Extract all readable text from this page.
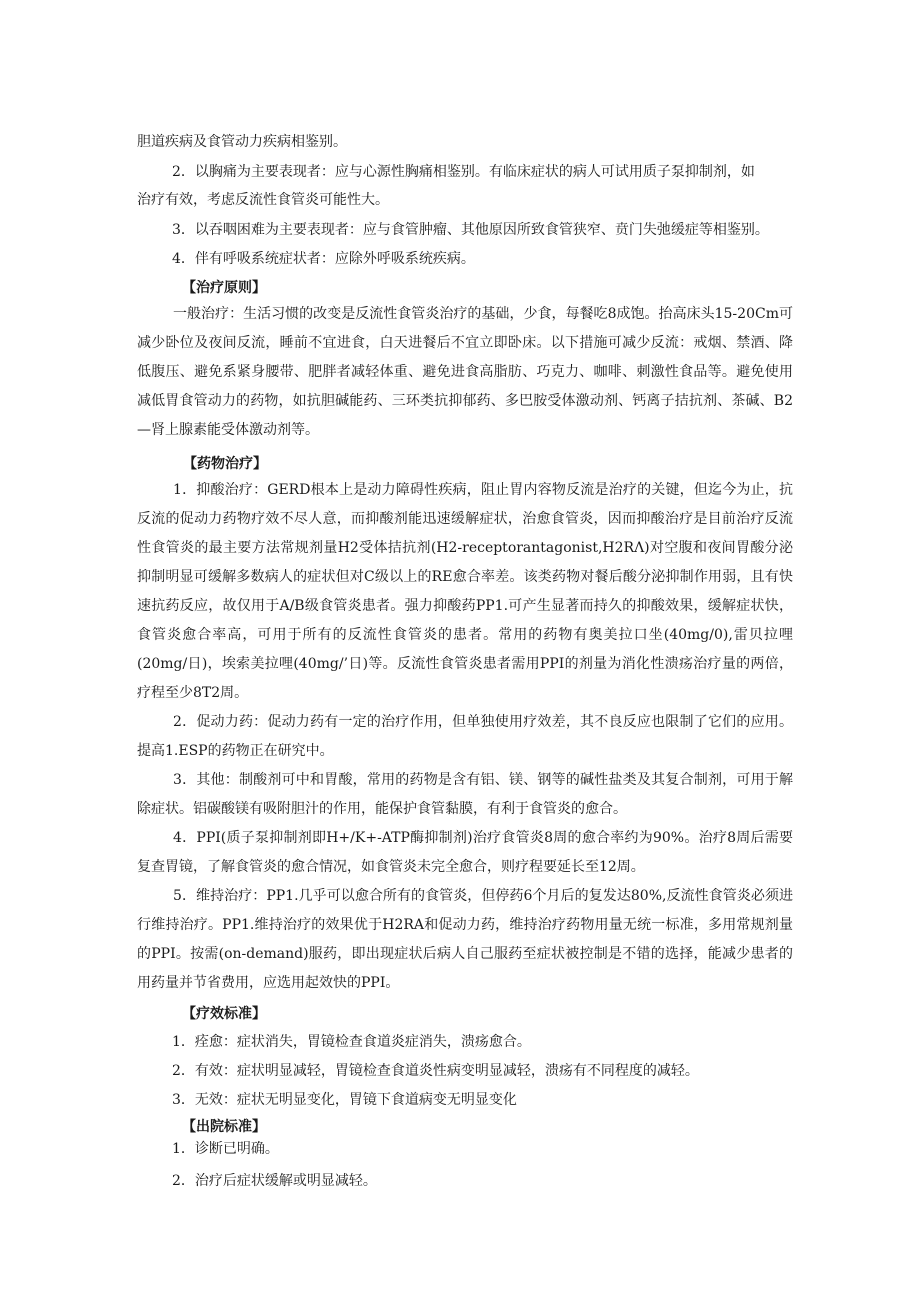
胆道疾病及食管动力疾病相鉴别。

2．以胸痛为主要表现者：应与心源性胸痛相鉴别。有临床症状的病人可试用质子泵抑制剂，如

治疗有效，考虑反流性食管炎可能性大。

3．以吞咽困难为主要表现者：应与食管肿瘤、其他原因所致食管狭窄、贲门失弛缓症等相鉴别。

4．伴有呼吸系统症状者：应除外呼吸系统疾病。

【治疗原则】

一般治疗：生活习惯的改变是反流性食管炎治疗的基础，少食，每餐吃8成饱。抬高床头15-20Cm可减少卧位及夜间反流，睡前不宜进食，白天进餐后不宜立即卧床。以下措施可减少反流：戒烟、禁酒、降低腹压、避免系紧身腰带、肥胖者减轻体重、避免进食高脂肪、巧克力、咖啡、刺激性食品等。避免使用减低胃食管动力的药物，如抗胆碱能药、三环类抗抑郁药、多巴胺受体激动剂、钙离子拮抗剂、茶碱、B2—肾上腺素能受体激动剂等。

【药物治疗】

1．抑酸治疗：GERD根本上是动力障碍性疾病，阻止胃内容物反流是治疗的关键，但迄今为止，抗反流的促动力药物疗效不尽人意，而抑酸剂能迅速缓解症状，治愈食管炎，因而抑酸治疗是目前治疗反流性食管炎的最主要方法常规剂量H2受体拮抗剂(H2-receptorantagonist,H2RΛ)对空腹和夜间胃酸分泌抑制明显可缓解多数病人的症状但对C级以上的RE愈合率差。该类药物对餐后酸分泌抑制作用弱，且有快速抗药反应，故仅用于A/B级食管炎患者。强力抑酸药PP1.可产生显著而持久的抑酸效果，缓解症状快，食管炎愈合率高，可用于所有的反流性食管炎的患者。常用的药物有奥美拉口坐(40mg/0),雷贝拉哩(20mg/日)，埃索美拉哩(40mg/’日)等。反流性食管炎患者需用PPI的剂量为消化性溃疡治疗量的两倍，疗程至少8T2周。
2．促动力药：促动力药有一定的治疗作用，但单独使用疗效差，其不良反应也限制了它们的应用。提高1.ESP的药物正在研究中。
3．其他：制酸剂可中和胃酸，常用的药物是含有铝、镁、钢等的碱性盐类及其复合制剂，可用于解除症状。铝碳酸镁有吸附胆汁的作用，能保护食管黏膜，有利于食管炎的愈合。
4．PPI(质子泵抑制剂即H+/K+-ATP酶抑制剂)治疗食管炎8周的愈合率约为90%。治疗8周后需要复查胃镜，了解食管炎的愈合情况，如食管炎未完全愈合，则疗程要延长至12周。
5．维持治疗：PP1.几乎可以愈合所有的食管炎，但停药6个月后的复发达80%,反流性食管炎必须进行维持治疗。PP1.维持治疗的效果优于H2RA和促动力药，维持治疗药物用量无统一标准，多用常规剂量的PPI。按需(on-demand)服药，即出现症状后病人自己服药至症状被控制是不错的选择，能减少患者的用药量并节省费用，应选用起效快的PPI。

【疗效标准】

1．痊愈：症状消失，胃镜检查食道炎症消失，溃疡愈合。

2．有效：症状明显减轻，胃镜检查食道炎性病变明显减轻，溃疡有不同程度的减轻。

3．无效：症状无明显变化，胃镜下食道病变无明显变化

【出院标准】

1．诊断已明确。

2．治疗后症状缓解或明显减轻。
